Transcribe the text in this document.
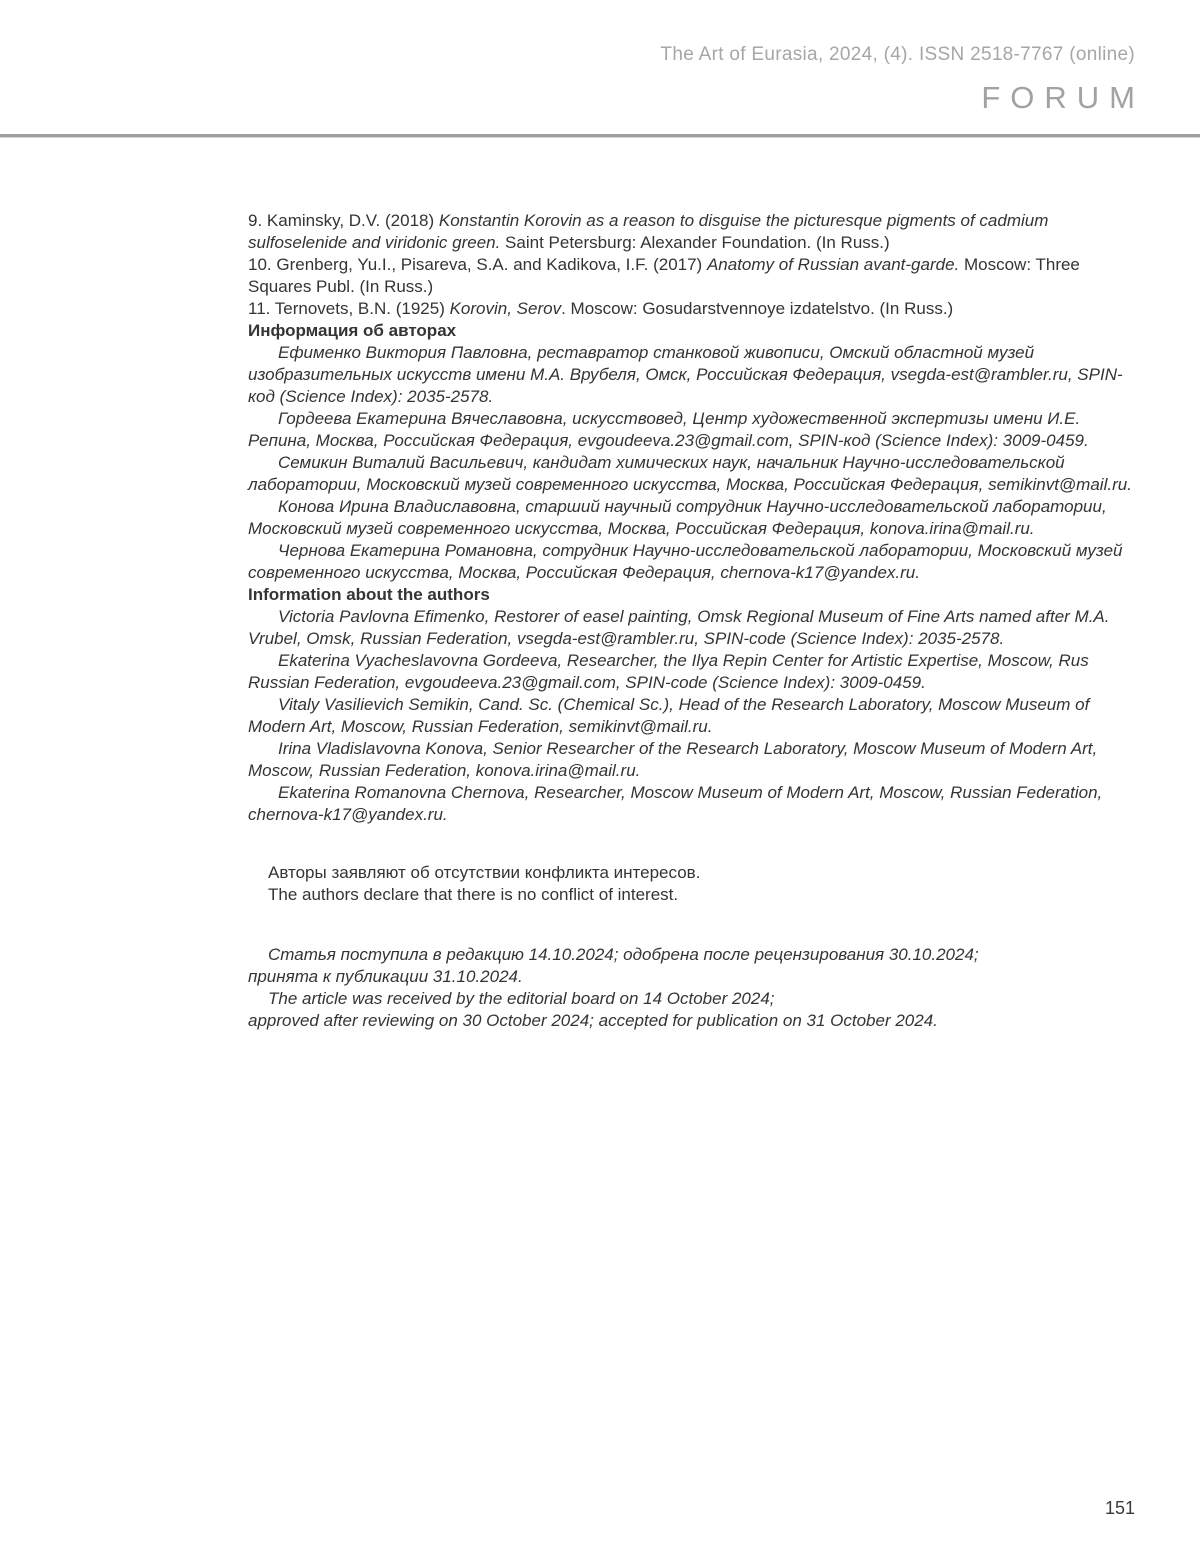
The Art of Eurasia, 2024, (4). ISSN 2518-7767 (online)
FORUM

9. Kaminsky, D.V. (2018) Konstantin Korovin as a reason to disguise the picturesque pigments of cadmium sulfoselenide and viridonic green. Saint Petersburg: Alexander Foundation. (In Russ.)

10. Grenberg, Yu.I., Pisareva, S.A. and Kadikova, I.F. (2017) Anatomy of Russian avant-garde. Moscow: Three Squares Publ. (In Russ.)

11. Ternovets, B.N. (1925) Korovin, Serov. Moscow: Gosudarstvennoye izdatelstvo. (In Russ.)

Информация об авторах

Ефименко Виктория Павловна, реставратор станковой живописи, Омский областной музей изобразительных искусств имени М.А. Врубеля, Омск, Российская Федерация, vsegda-est@rambler.ru, SPIN-код (Science Index): 2035-2578.

Гордеева Екатерина Вячеславовна, искусствовед, Центр художественной экспертизы имени И.Е. Репина, Москва, Российская Федерация, evgoudeeva.23@gmail.com, SPIN-код (Science Index): 3009-0459.

Семикин Виталий Васильевич, кандидат химических наук, начальник Научно-исследовательской лаборатории, Московский музей современного искусства, Москва, Российская Федерация, semikinvt@mail.ru.

Конова Ирина Владиславовна, старший научный сотрудник Научно-исследовательской лаборатории, Московский музей современного искусства, Москва, Российская Федерация, konova.irina@mail.ru.

Чернова Екатерина Романовна, сотрудник Научно-исследовательской лаборатории, Московский музей современного искусства, Москва, Российская Федерация, chernova-k17@yandex.ru.

Information about the authors

Victoria Pavlovna Efimenko, Restorer of easel painting, Omsk Regional Museum of Fine Arts named after M.A. Vrubel, Omsk, Russian Federation, vsegda-est@rambler.ru, SPIN-code (Science Index): 2035-2578.

Ekaterina Vyacheslavovna Gordeeva, Researcher, the Ilya Repin Center for Artistic Expertise, Moscow, Rus Russian Federation, evgoudeeva.23@gmail.com, SPIN-code (Science Index): 3009-0459.

Vitaly Vasilievich Semikin, Cand. Sc. (Chemical Sc.), Head of the Research Laboratory, Moscow Museum of Modern Art, Moscow, Russian Federation, semikinvt@mail.ru.

Irina Vladislavovna Konova, Senior Researcher of the Research Laboratory, Moscow Museum of Modern Art, Moscow, Russian Federation, konova.irina@mail.ru.

Ekaterina Romanovna Chernova, Researcher, Moscow Museum of Modern Art, Moscow, Russian Federation, chernova-k17@yandex.ru.

Авторы заявляют об отсутствии конфликта интересов.

The authors declare that there is no conflict of interest.

Статья поступила в редакцию 14.10.2024; одобрена после рецензирования 30.10.2024;

принята к публикации 31.10.2024.

The article was received by the editorial board on 14 October 2024;

approved after reviewing on 30 October 2024; accepted for publication on 31 October 2024.

151
